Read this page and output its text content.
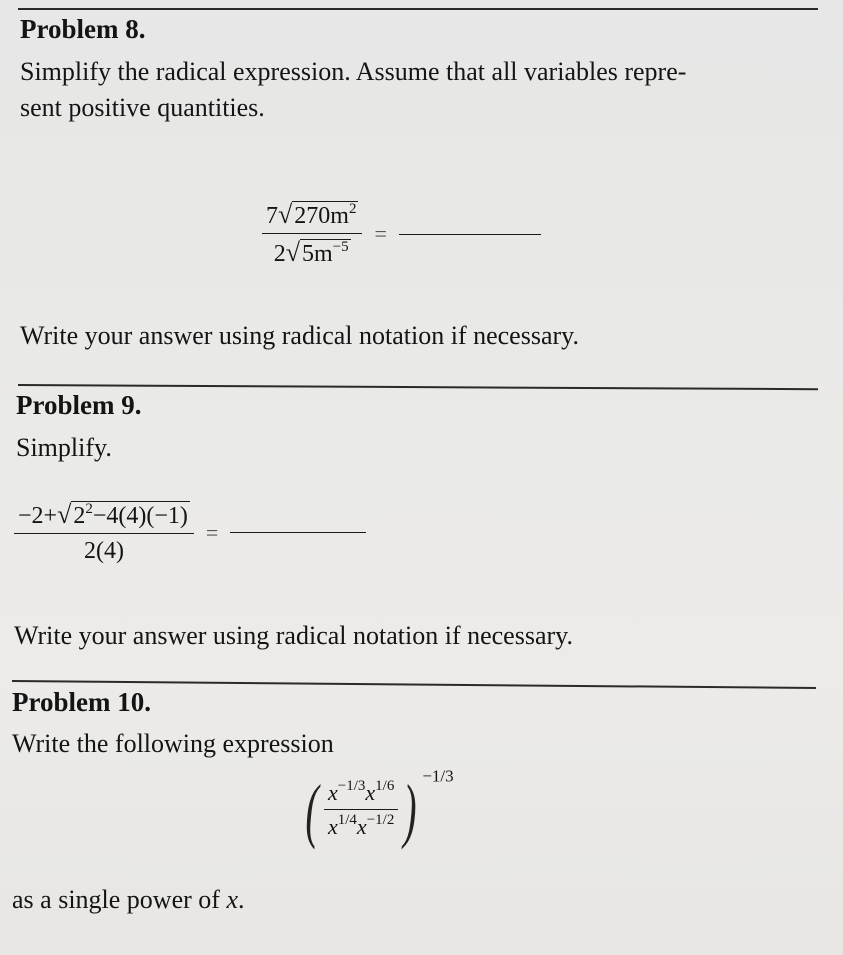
Problem 8.
Simplify the radical expression. Assume that all variables repre-
sent positive quantities.
$\frac{7√270m^2}{2√5m^{-5}}$ =
Write your answer using radical notation if necessary.
Problem 9.
Simplify.
$\frac{-2+√2^2-4(4)(-1)}{2(4)}$ =
Write your answer using radical notation if necessary.
Problem 10.
Write the following expression
( $\frac{x^{-1/3}x^{1/6}}{x^{1/4}x^{-1/2}}$ ) $^{-1/3}$
as a single power of x.
